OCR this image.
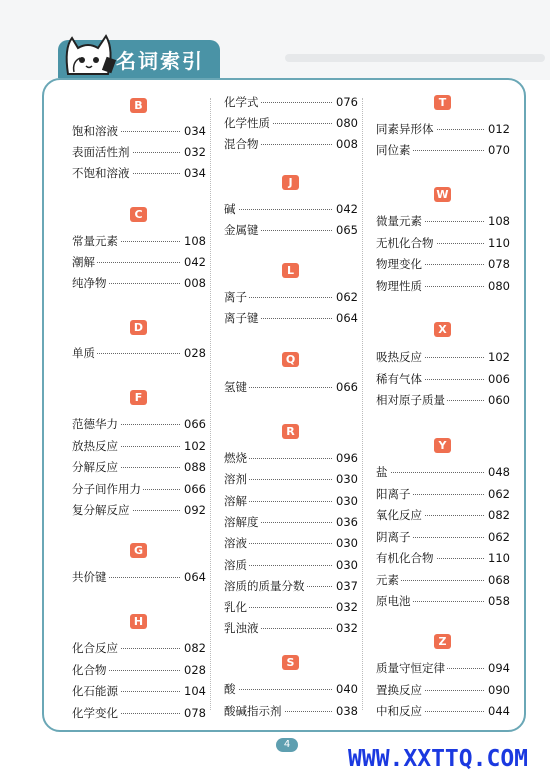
名词索引
B
饱和溶液	034
表面活性剂	032
不饱和溶液	034
C
常量元素	108
潮解	042
纯净物	008
D
单质	028
F
范德华力	066
放热反应	102
分解反应	088
分子间作用力	066
复分解反应	092
G
共价键	064
H
化合反应	082
化合物	028
化石能源	104
化学变化	078
化学式	076
化学性质	080
混合物	008
J
碱	042
金属键	065
L
离子	062
离子键	064
Q
氢键	066
R
燃烧	096
溶剂	030
溶解	030
溶解度	036
溶液	030
溶质	030
溶质的质量分数	037
乳化	032
乳浊液	032
S
酸	040
酸碱指示剂	038
T
同素异形体	012
同位素	070
W
微量元素	108
无机化合物	110
物理变化	078
物理性质	080
X
吸热反应	102
稀有气体	006
相对原子质量	060
Y
盐	048
阳离子	062
氧化反应	082
阴离子	062
有机化合物	110
元素	068
原电池	058
Z
质量守恒定律	094
置换反应	090
中和反应	044
4
WWW.XXTTQ.COM
